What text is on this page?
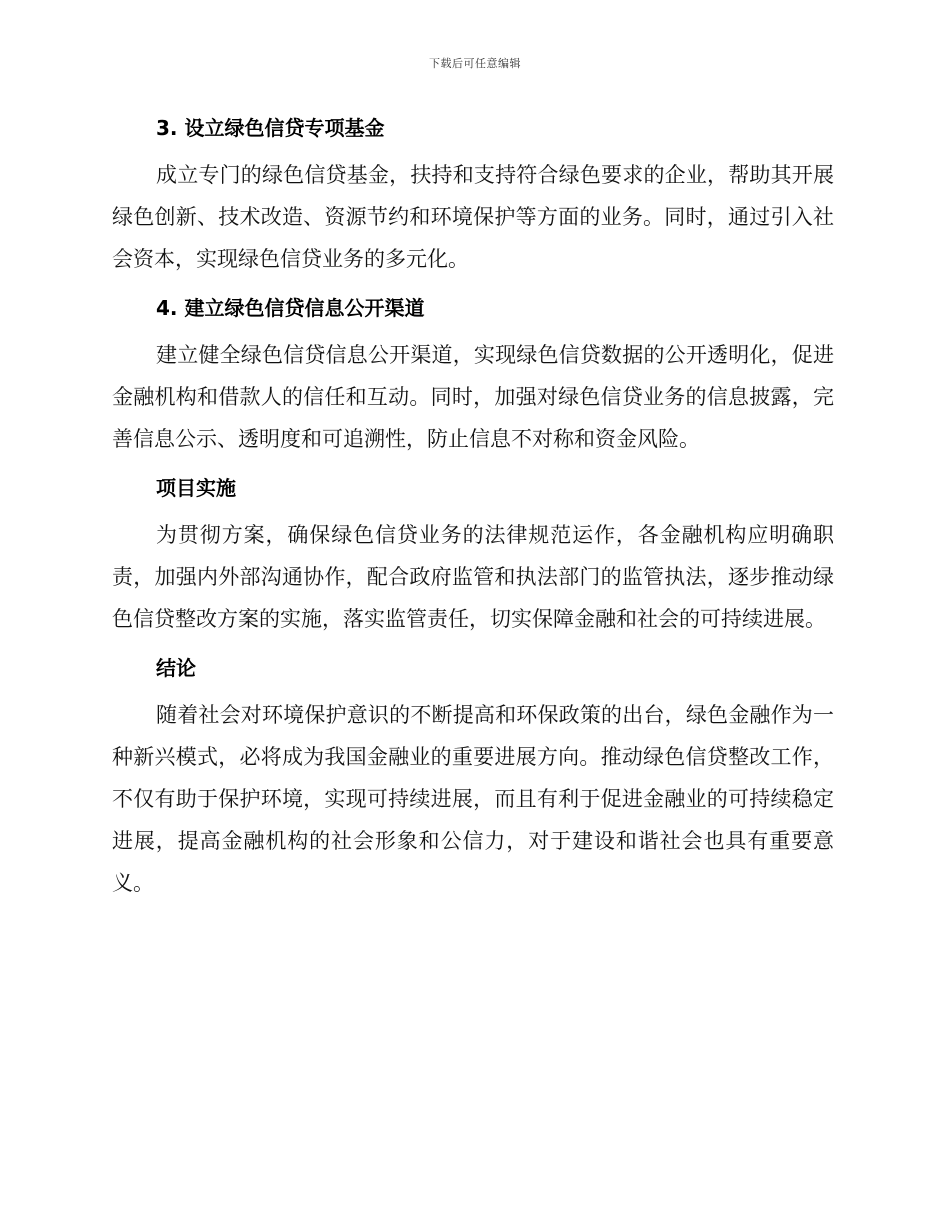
下载后可任意编辑
3. 设立绿色信贷专项基金

成立专门的绿色信贷基金，扶持和支持符合绿色要求的企业，帮助其开展绿色创新、技术改造、资源节约和环境保护等方面的业务。同时，通过引入社会资本，实现绿色信贷业务的多元化。

4. 建立绿色信贷信息公开渠道

建立健全绿色信贷信息公开渠道，实现绿色信贷数据的公开透明化，促进金融机构和借款人的信任和互动。同时，加强对绿色信贷业务的信息披露，完善信息公示、透明度和可追溯性，防止信息不对称和资金风险。

项目实施

为贯彻方案，确保绿色信贷业务的法律规范运作，各金融机构应明确职责，加强内外部沟通协作，配合政府监管和执法部门的监管执法，逐步推动绿色信贷整改方案的实施，落实监管责任，切实保障金融和社会的可持续进展。

结论

随着社会对环境保护意识的不断提高和环保政策的出台，绿色金融作为一种新兴模式，必将成为我国金融业的重要进展方向。推动绿色信贷整改工作，不仅有助于保护环境，实现可持续进展，而且有利于促进金融业的可持续稳定进展，提高金融机构的社会形象和公信力，对于建设和谐社会也具有重要意义。
